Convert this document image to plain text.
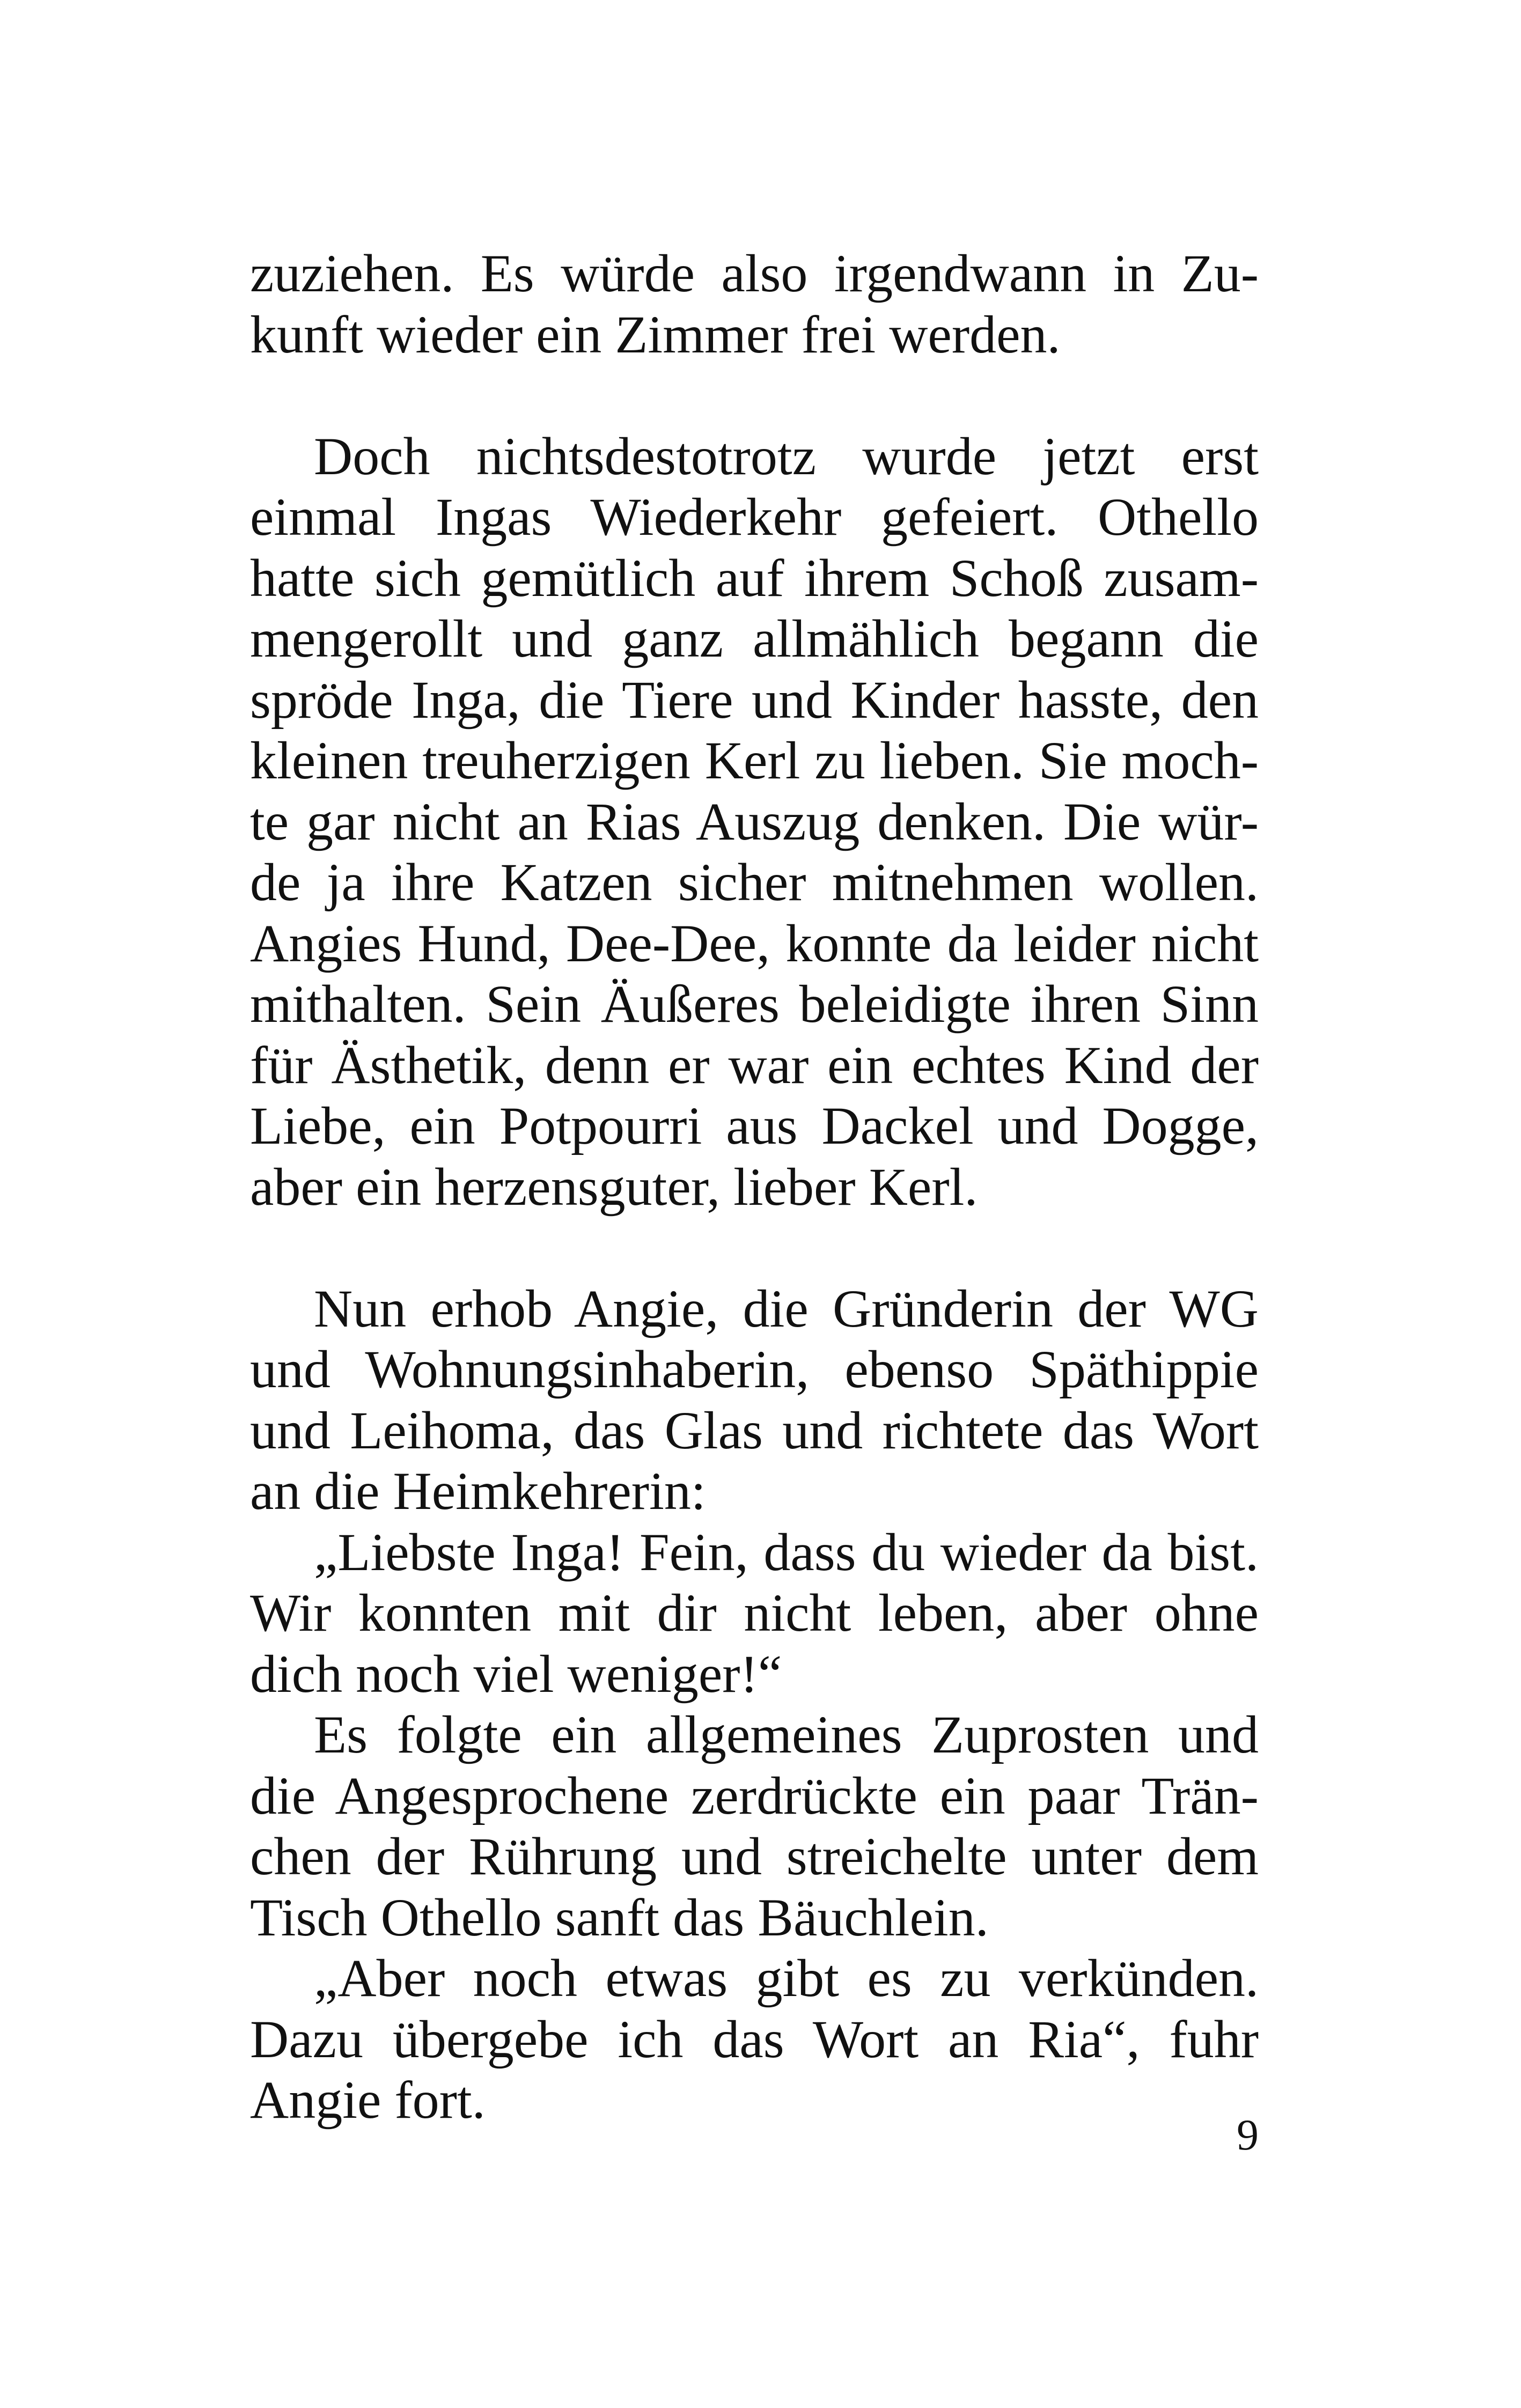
zuziehen. Es würde also irgendwann in Zu-
kunft wieder ein Zimmer frei werden.
Doch nichtsdestotrotz wurde jetzt erst
einmal Ingas Wiederkehr gefeiert. Othello
hatte sich gemütlich auf ihrem Schoß zusam-
mengerollt und ganz allmählich begann die
spröde Inga, die Tiere und Kinder hasste, den
kleinen treuherzigen Kerl zu lieben. Sie moch-
te gar nicht an Rias Auszug denken. Die wür-
de ja ihre Katzen sicher mitnehmen wollen.
Angies Hund, Dee-Dee, konnte da leider nicht
mithalten. Sein Äußeres beleidigte ihren Sinn
für Ästhetik, denn er war ein echtes Kind der
Liebe, ein Potpourri aus Dackel und Dogge,
aber ein herzensguter, lieber Kerl.
Nun erhob Angie, die Gründerin der WG
und Wohnungsinhaberin, ebenso Späthippie
und Leihoma, das Glas und richtete das Wort
an die Heimkehrerin:
„Liebste Inga! Fein, dass du wieder da bist.
Wir konnten mit dir nicht leben, aber ohne
dich noch viel weniger!“
Es folgte ein allgemeines Zuprosten und
die Angesprochene zerdrückte ein paar Trän-
chen der Rührung und streichelte unter dem
Tisch Othello sanft das Bäuchlein.
„Aber noch etwas gibt es zu verkünden.
Dazu übergebe ich das Wort an Ria“, fuhr
Angie fort.
9
